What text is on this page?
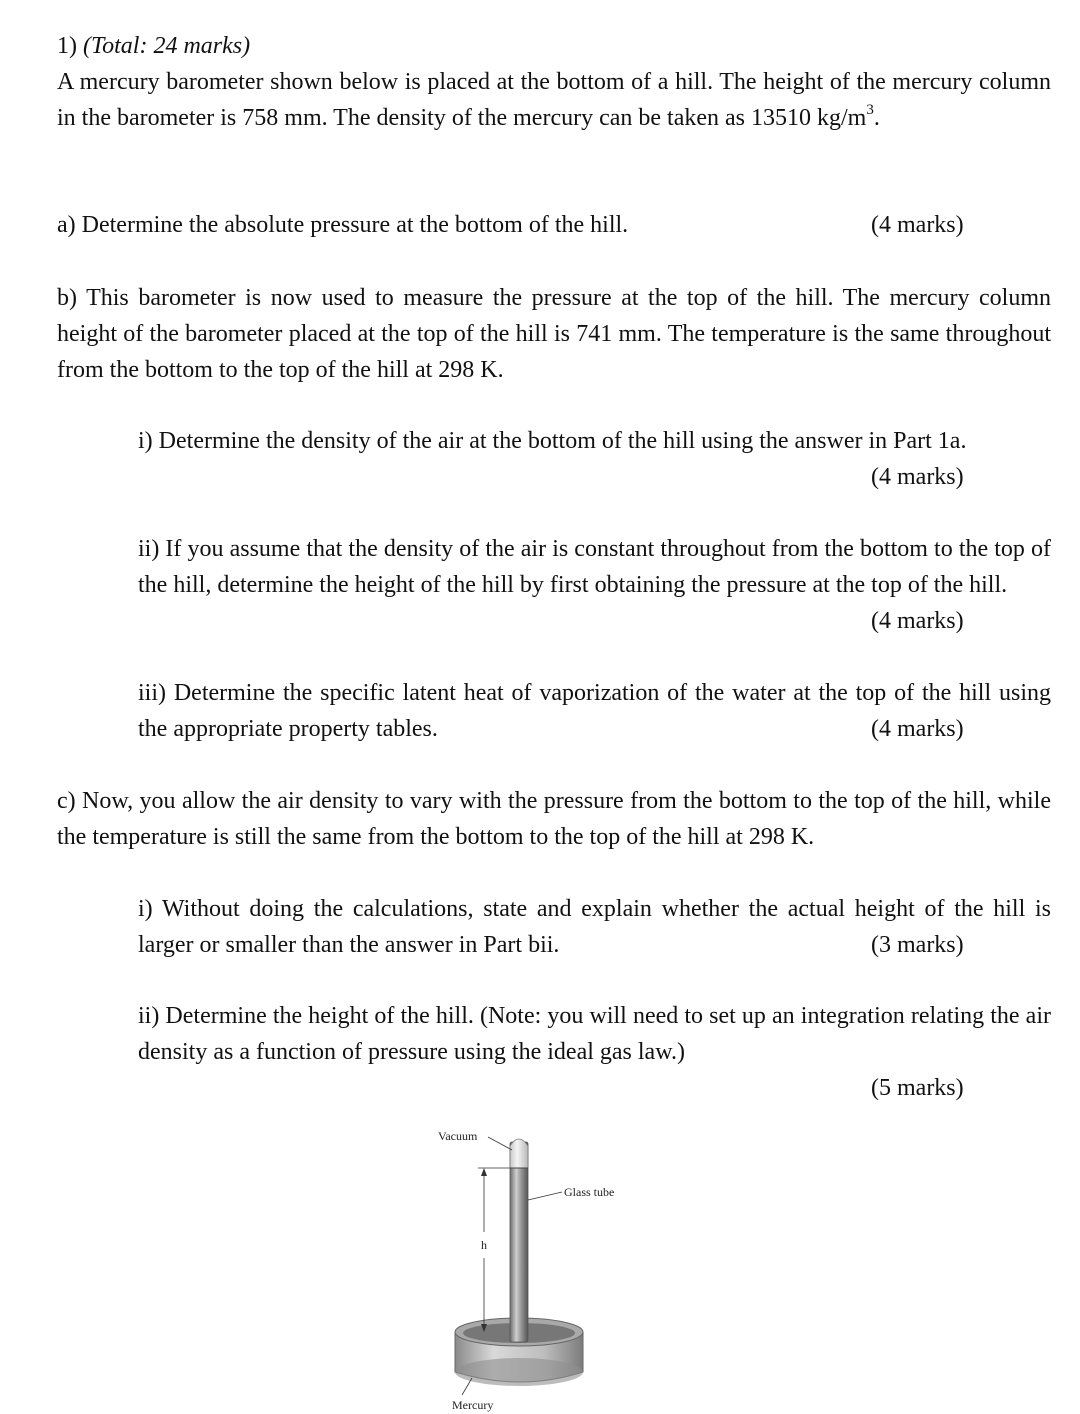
1) (Total: 24 marks)
A mercury barometer shown below is placed at the bottom of a hill. The height of the mercury column in the barometer is 758 mm. The density of the mercury can be taken as 13510 $kg/m^3$.
a) Determine the absolute pressure at the bottom of the hill.	(4 marks)
b) This barometer is now used to measure the pressure at the top of the hill. The mercury column height of the barometer placed at the top of the hill is 741 mm. The temperature is the same throughout from the bottom to the top of the hill at 298 K.
i) Determine the density of the air at the bottom of the hill using the answer in Part 1a.
(4 marks)
ii) If you assume that the density of the air is constant throughout from the bottom to the top of the hill, determine the height of the hill by first obtaining the pressure at the top of the hill.
(4 marks)
iii) Determine the specific latent heat of vaporization of the water at the top of the hill using the appropriate property tables.	(4 marks)
c) Now, you allow the air density to vary with the pressure from the bottom to the top of the hill, while the temperature is still the same from the bottom to the top of the hill at 298 K.
i) Without doing the calculations, state and explain whether the actual height of the hill is larger or smaller than the answer in Part bii.	(3 marks)
ii) Determine the height of the hill. (Note: you will need to set up an integration relating the air density as a function of pressure using the ideal gas law.)
(5 marks)
h
Vacuum
Glass tube
Mercury
